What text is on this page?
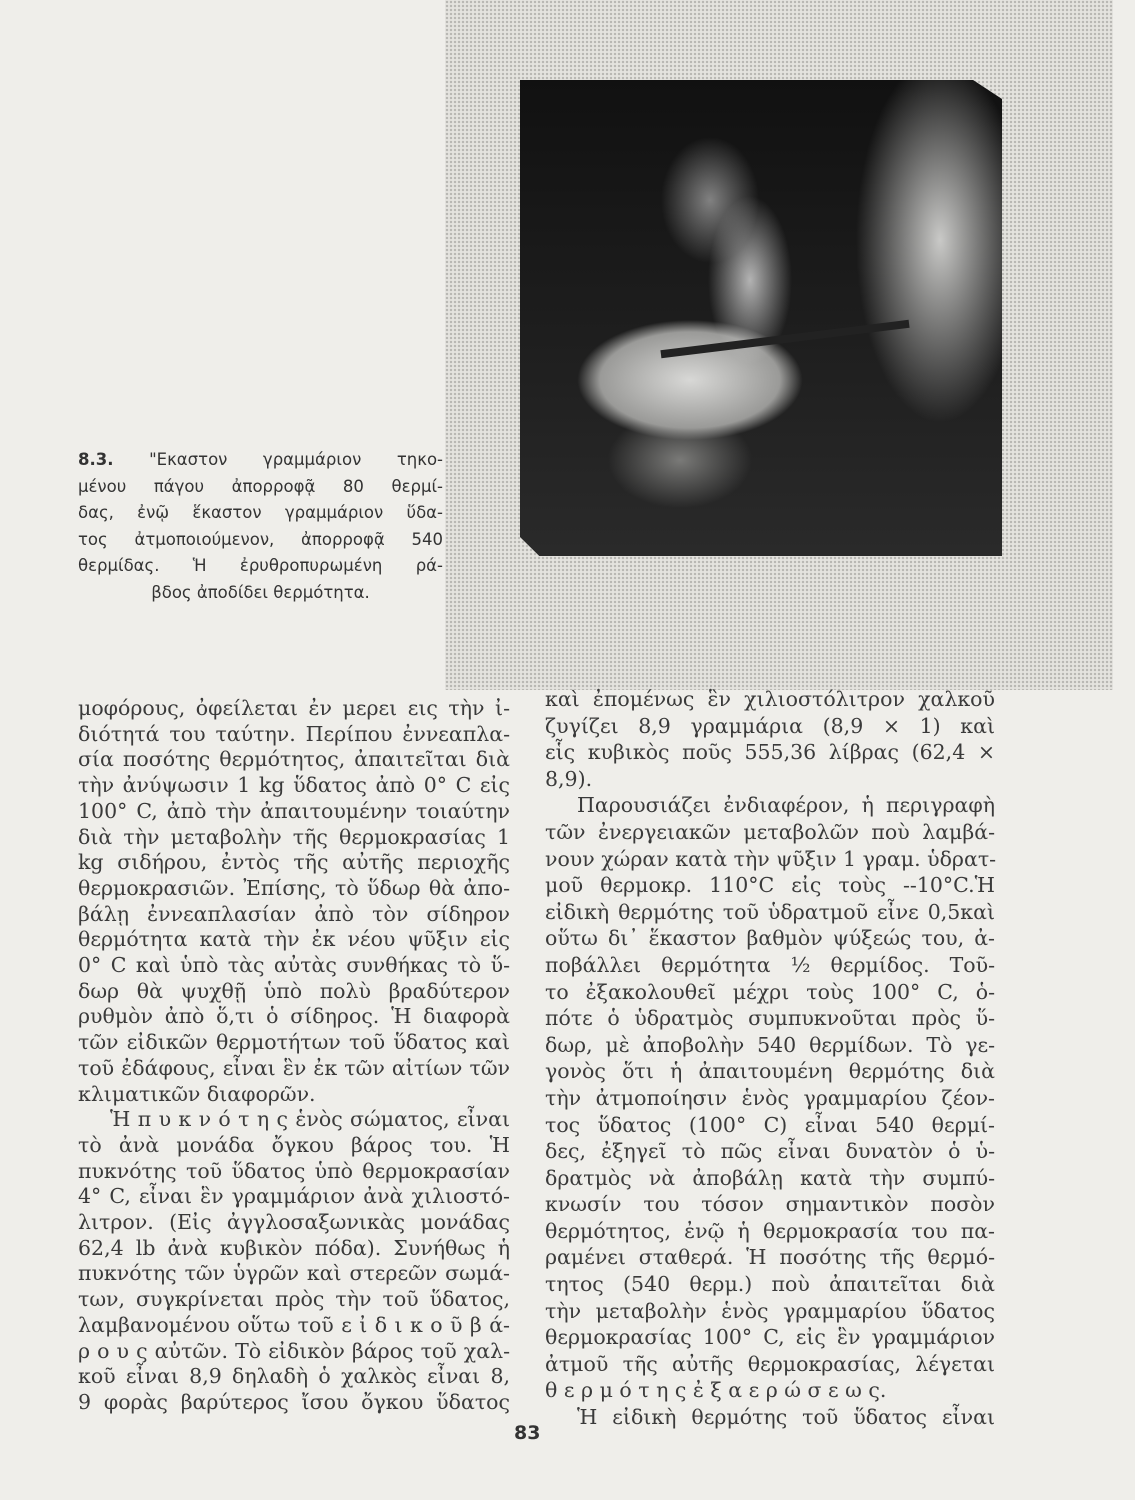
8.3. "Εκαστον γραμμάριον τηκο-
μένου πάγου ἀπορροφᾷ 80 θερμί-
δας, ἐνῷ ἕκαστον γραμμάριον ὕδα-
τος ἀτμοποιούμενον, ἀπορροφᾷ 540
θερμίδας. Ἡ ἐρυθροπυρωμένη ρά-
βδος ἀποδίδει θερμότητα.
μοφόρους, ὀφείλεται ἐν μερει εις τὴν ἰ-
διότητά του ταύτην. Περίπου ἐννεαπλα-
σία ποσότης θερμότητος, ἀπαιτεῖται διὰ
τὴν ἀνύψωσιν 1 kg ὕδατος ἀπὸ 0° C εἰς
100° C, ἀπὸ τὴν ἀπαιτουμένην τοιαύτην
διὰ τὴν μεταβολὴν τῆς θερμοκρασίας 1
kg σιδήρου, ἐντὸς τῆς αὐτῆς περιοχῆς
θερμοκρασιῶν. Ἐπίσης, τὸ ὕδωρ θὰ ἀπο-
βάλῃ ἐννεαπλασίαν ἀπὸ τὸν σίδηρον
θερμότητα κατὰ τὴν ἐκ νέου ψῦξιν εἰς
0° C καὶ ὑπὸ τὰς αὐτὰς συνθήκας τὸ ὕ-
δωρ θὰ ψυχθῇ ὑπὸ πολὺ βραδύτερον
ρυθμὸν ἀπὸ ὅ,τι ὁ σίδηρος. Ἡ διαφορὰ
τῶν εἰδικῶν θερμοτήτων τοῦ ὕδατος καὶ
τοῦ ἐδάφους, εἶναι ἓν ἐκ τῶν αἰτίων τῶν
κλιματικῶν διαφορῶν.
Ἡ π υ κ ν ό τ η ς ἑνὸς σώματος, εἶναι
τὸ ἀνὰ μονάδα ὄγκου βάρος του. Ἡ
πυκνότης τοῦ ὕδατος ὑπὸ θερμοκρασίαν
4° C, εἶναι ἓν γραμμάριον ἀνὰ χιλιοστό-
λιτρον. (Εἰς ἀγγλοσαξωνικὰς μονάδας
62,4 lb ἀνὰ κυβικὸν πόδα). Συνήθως ἡ
πυκνότης τῶν ὑγρῶν καὶ στερεῶν σωμά-
των, συγκρίνεται πρὸς τὴν τοῦ ὕδατος,
λαμβανομένου οὕτω τοῦ ε ἰ δ ι κ ο ῦ β ά-
ρ ο υ ς αὐτῶν. Τὸ εἰδικὸν βάρος τοῦ χαλ-
κοῦ εἶναι 8,9 δηλαδὴ ὁ χαλκὸς εἶναι 8,
9 φορὰς βαρύτερος ἴσου ὄγκου ὕδατος
καὶ ἐπομένως ἓν χιλιοστόλιτρον χαλκοῦ
ζυγίζει 8,9 γραμμάρια (8,9 × 1) καὶ
εἷς κυβικὸς ποῦς 555,36 λίβρας (62,4 ×
8,9).
Παρουσιάζει ἐνδιαφέρον, ἡ περιγραφὴ
τῶν ἐνεργειακῶν μεταβολῶν ποὺ λαμβά-
νουν χώραν κατὰ τὴν ψῦξιν 1 γραμ. ὑδρατ-
μοῦ θερμοκρ. 110°C εἰς τοὺς --10°C.Ἡ
εἰδικὴ θερμότης τοῦ ὑδρατμοῦ εἶνε 0,5καὶ
οὕτω δι᾽ ἕκαστον βαθμὸν ψύξεώς του, ἀ-
ποβάλλει θερμότητα ½ θερμίδος. Τοῦ-
το ἐξακολουθεῖ μέχρι τοὺς 100° C, ὁ-
πότε ὁ ὑδρατμὸς συμπυκνοῦται πρὸς ὕ-
δωρ, μὲ ἀποβολὴν 540 θερμίδων. Τὸ γε-
γονὸς ὅτι ἡ ἀπαιτουμένη θερμότης διὰ
τὴν ἀτμοποίησιν ἑνὸς γραμμαρίου ζέον-
τος ὕδατος (100° C) εἶναι 540 θερμί-
δες, ἐξηγεῖ τὸ πῶς εἶναι δυνατὸν ὁ ὑ-
δρατμὸς νὰ ἀποβάλῃ κατὰ τὴν συμπύ-
κνωσίν του τόσον σημαντικὸν ποσὸν
θερμότητος, ἐνῷ ἡ θερμοκρασία του πα-
ραμένει σταθερά. Ἡ ποσότης τῆς θερμό-
τητος (540 θερμ.) ποὺ ἀπαιτεῖται διὰ
τὴν μεταβολὴν ἑνὸς γραμμαρίου ὕδατος
θερμοκρασίας 100° C, εἰς ἓν γραμμάριον
ἀτμοῦ τῆς αὐτῆς θερμοκρασίας, λέγεται
θ ε ρ μ ό τ η ς ἐ ξ α ε ρ ώ σ ε ω ς.
Ἡ εἰδικὴ θερμότης τοῦ ὕδατος εἶναι
83
